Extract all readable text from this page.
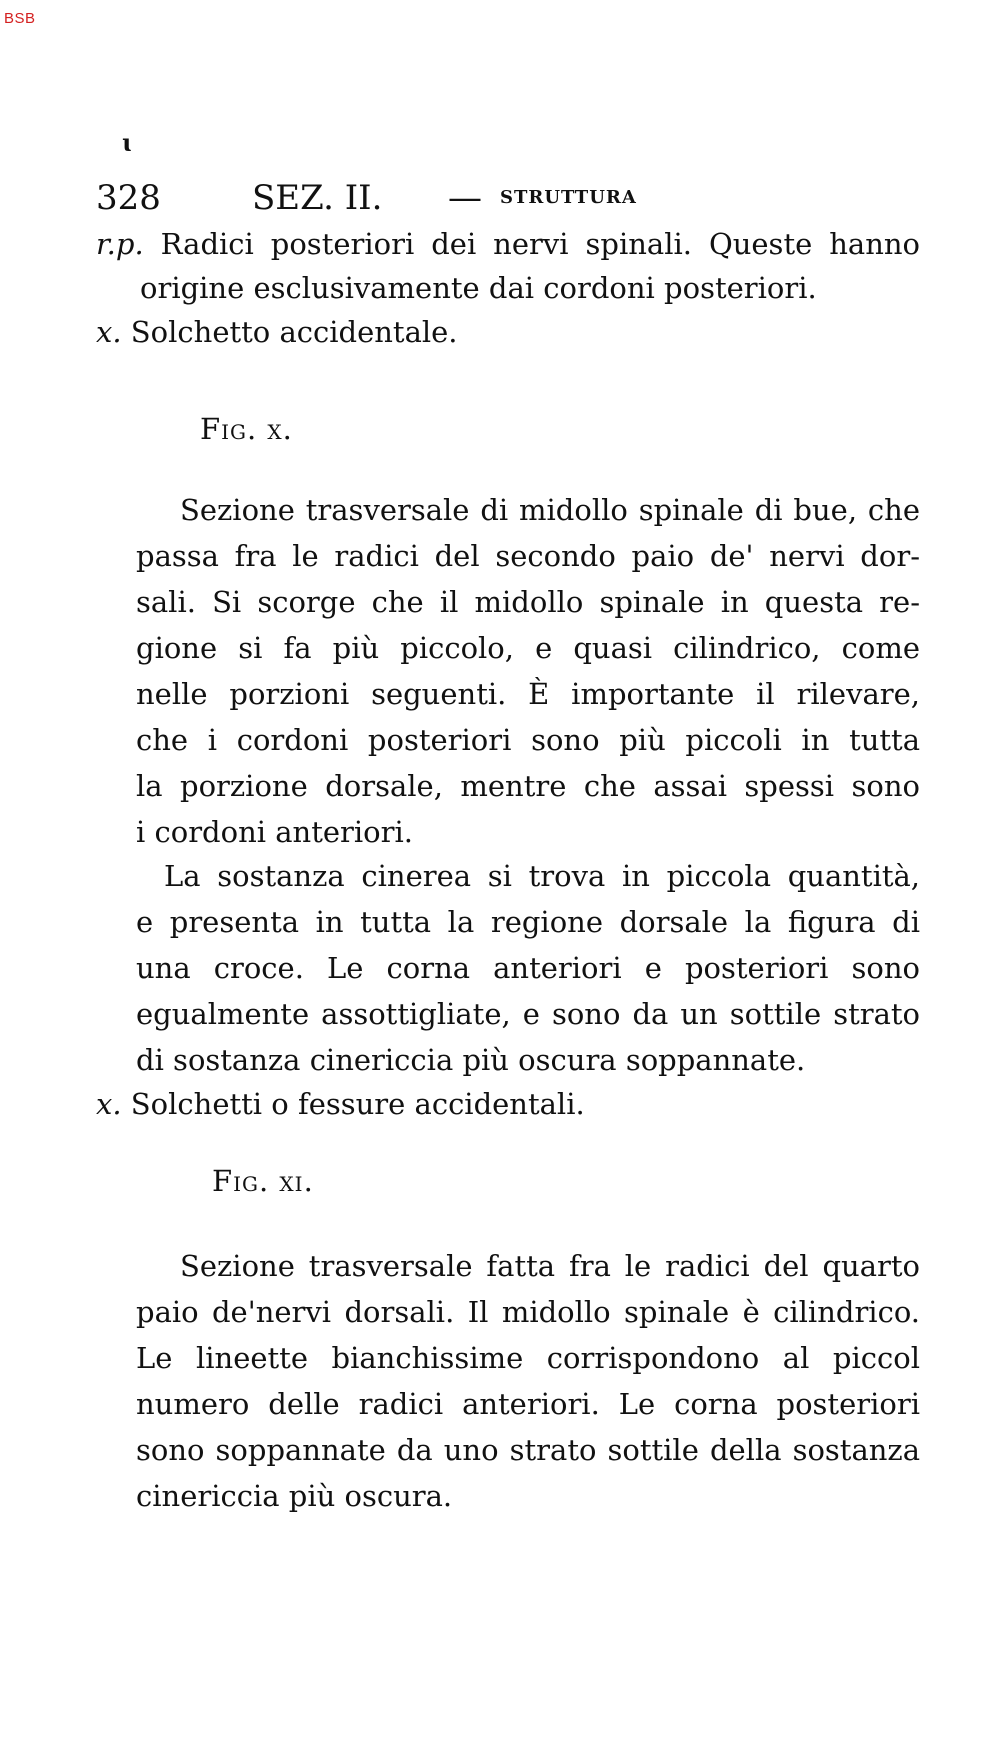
BSB
ɩ
328	SEZ. II. — STRUTTURA
r.p. Radici posteriori dei nervi spinali. Queste hanno
origine esclusivamente dai cordoni posteriori.
x. Solchetto accidentale.
Fig. x.
Sezione trasversale di midollo spinale di bue, che
passa fra le radici del secondo paio de' nervi dor-
sali. Si scorge che il midollo spinale in questa re-
gione si fa più piccolo, e quasi cilindrico, come
nelle porzioni seguenti. È importante il rilevare,
che i cordoni posteriori sono più piccoli in tutta
la porzione dorsale, mentre che assai spessi sono
i cordoni anteriori.
La sostanza cinerea si trova in piccola quantità,
e presenta in tutta la regione dorsale la figura di
una croce. Le corna anteriori e posteriori sono
egualmente assottigliate, e sono da un sottile strato
di sostanza cinericcia più oscura soppannate.
x. Solchetti o fessure accidentali.
Fig. xi.
Sezione trasversale fatta fra le radici del quarto
paio de'nervi dorsali. Il midollo spinale è cilindrico.
Le lineette bianchissime corrispondono al piccol
numero delle radici anteriori. Le corna posteriori
sono soppannate da uno strato sottile della sostanza
cinericcia più oscura.
